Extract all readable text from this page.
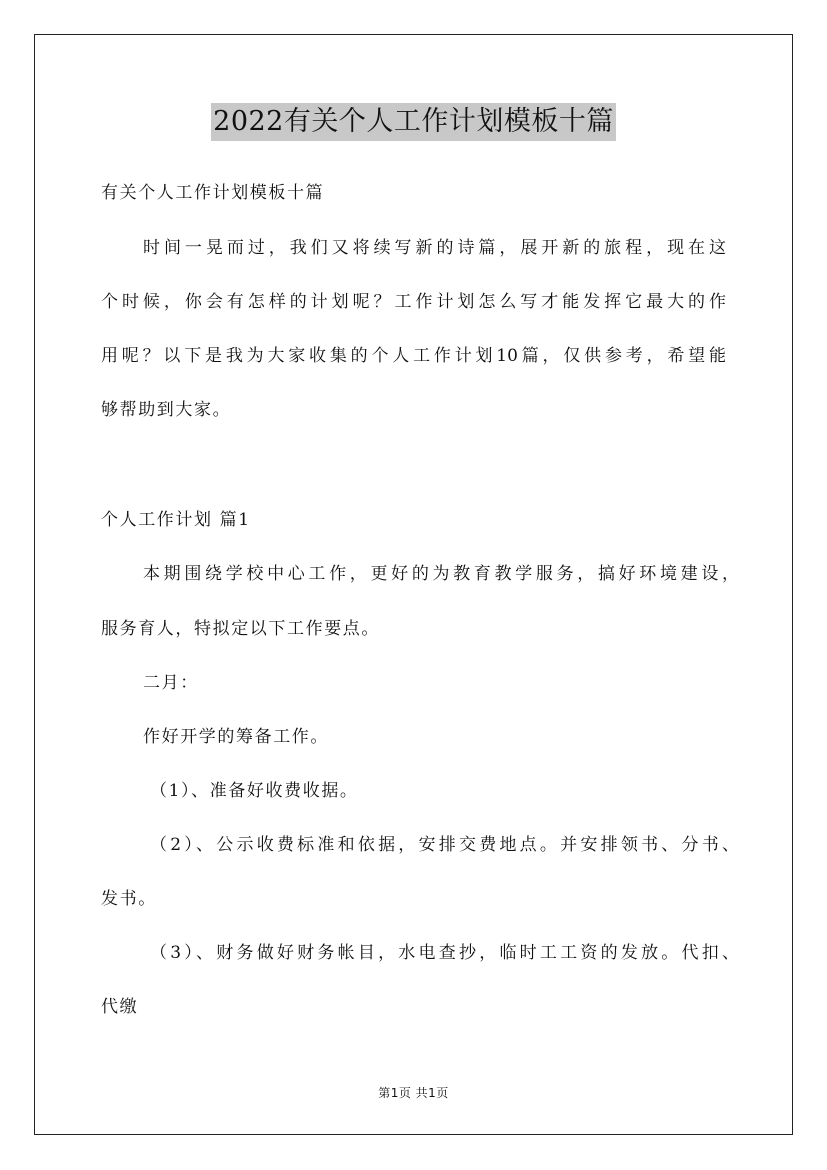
2022有关个人工作计划模板十篇
有关个人工作计划模板十篇
时间一晃而过，我们又将续写新的诗篇，展开新的旅程，现在这
个时候，你会有怎样的计划呢？工作计划怎么写才能发挥它最大的作
用呢？以下是我为大家收集的个人工作计划10篇，仅供参考，希望能
够帮助到大家。
个人工作计划 篇1
本期围绕学校中心工作，更好的为教育教学服务，搞好环境建设，
服务育人，特拟定以下工作要点。
二月：
作好开学的筹备工作。
（1）、准备好收费收据。
（2）、公示收费标准和依据，安排交费地点。并安排领书、分书、
发书。
（3）、财务做好财务帐目，水电查抄，临时工工资的发放。代扣、
代缴
第1页 共1页
